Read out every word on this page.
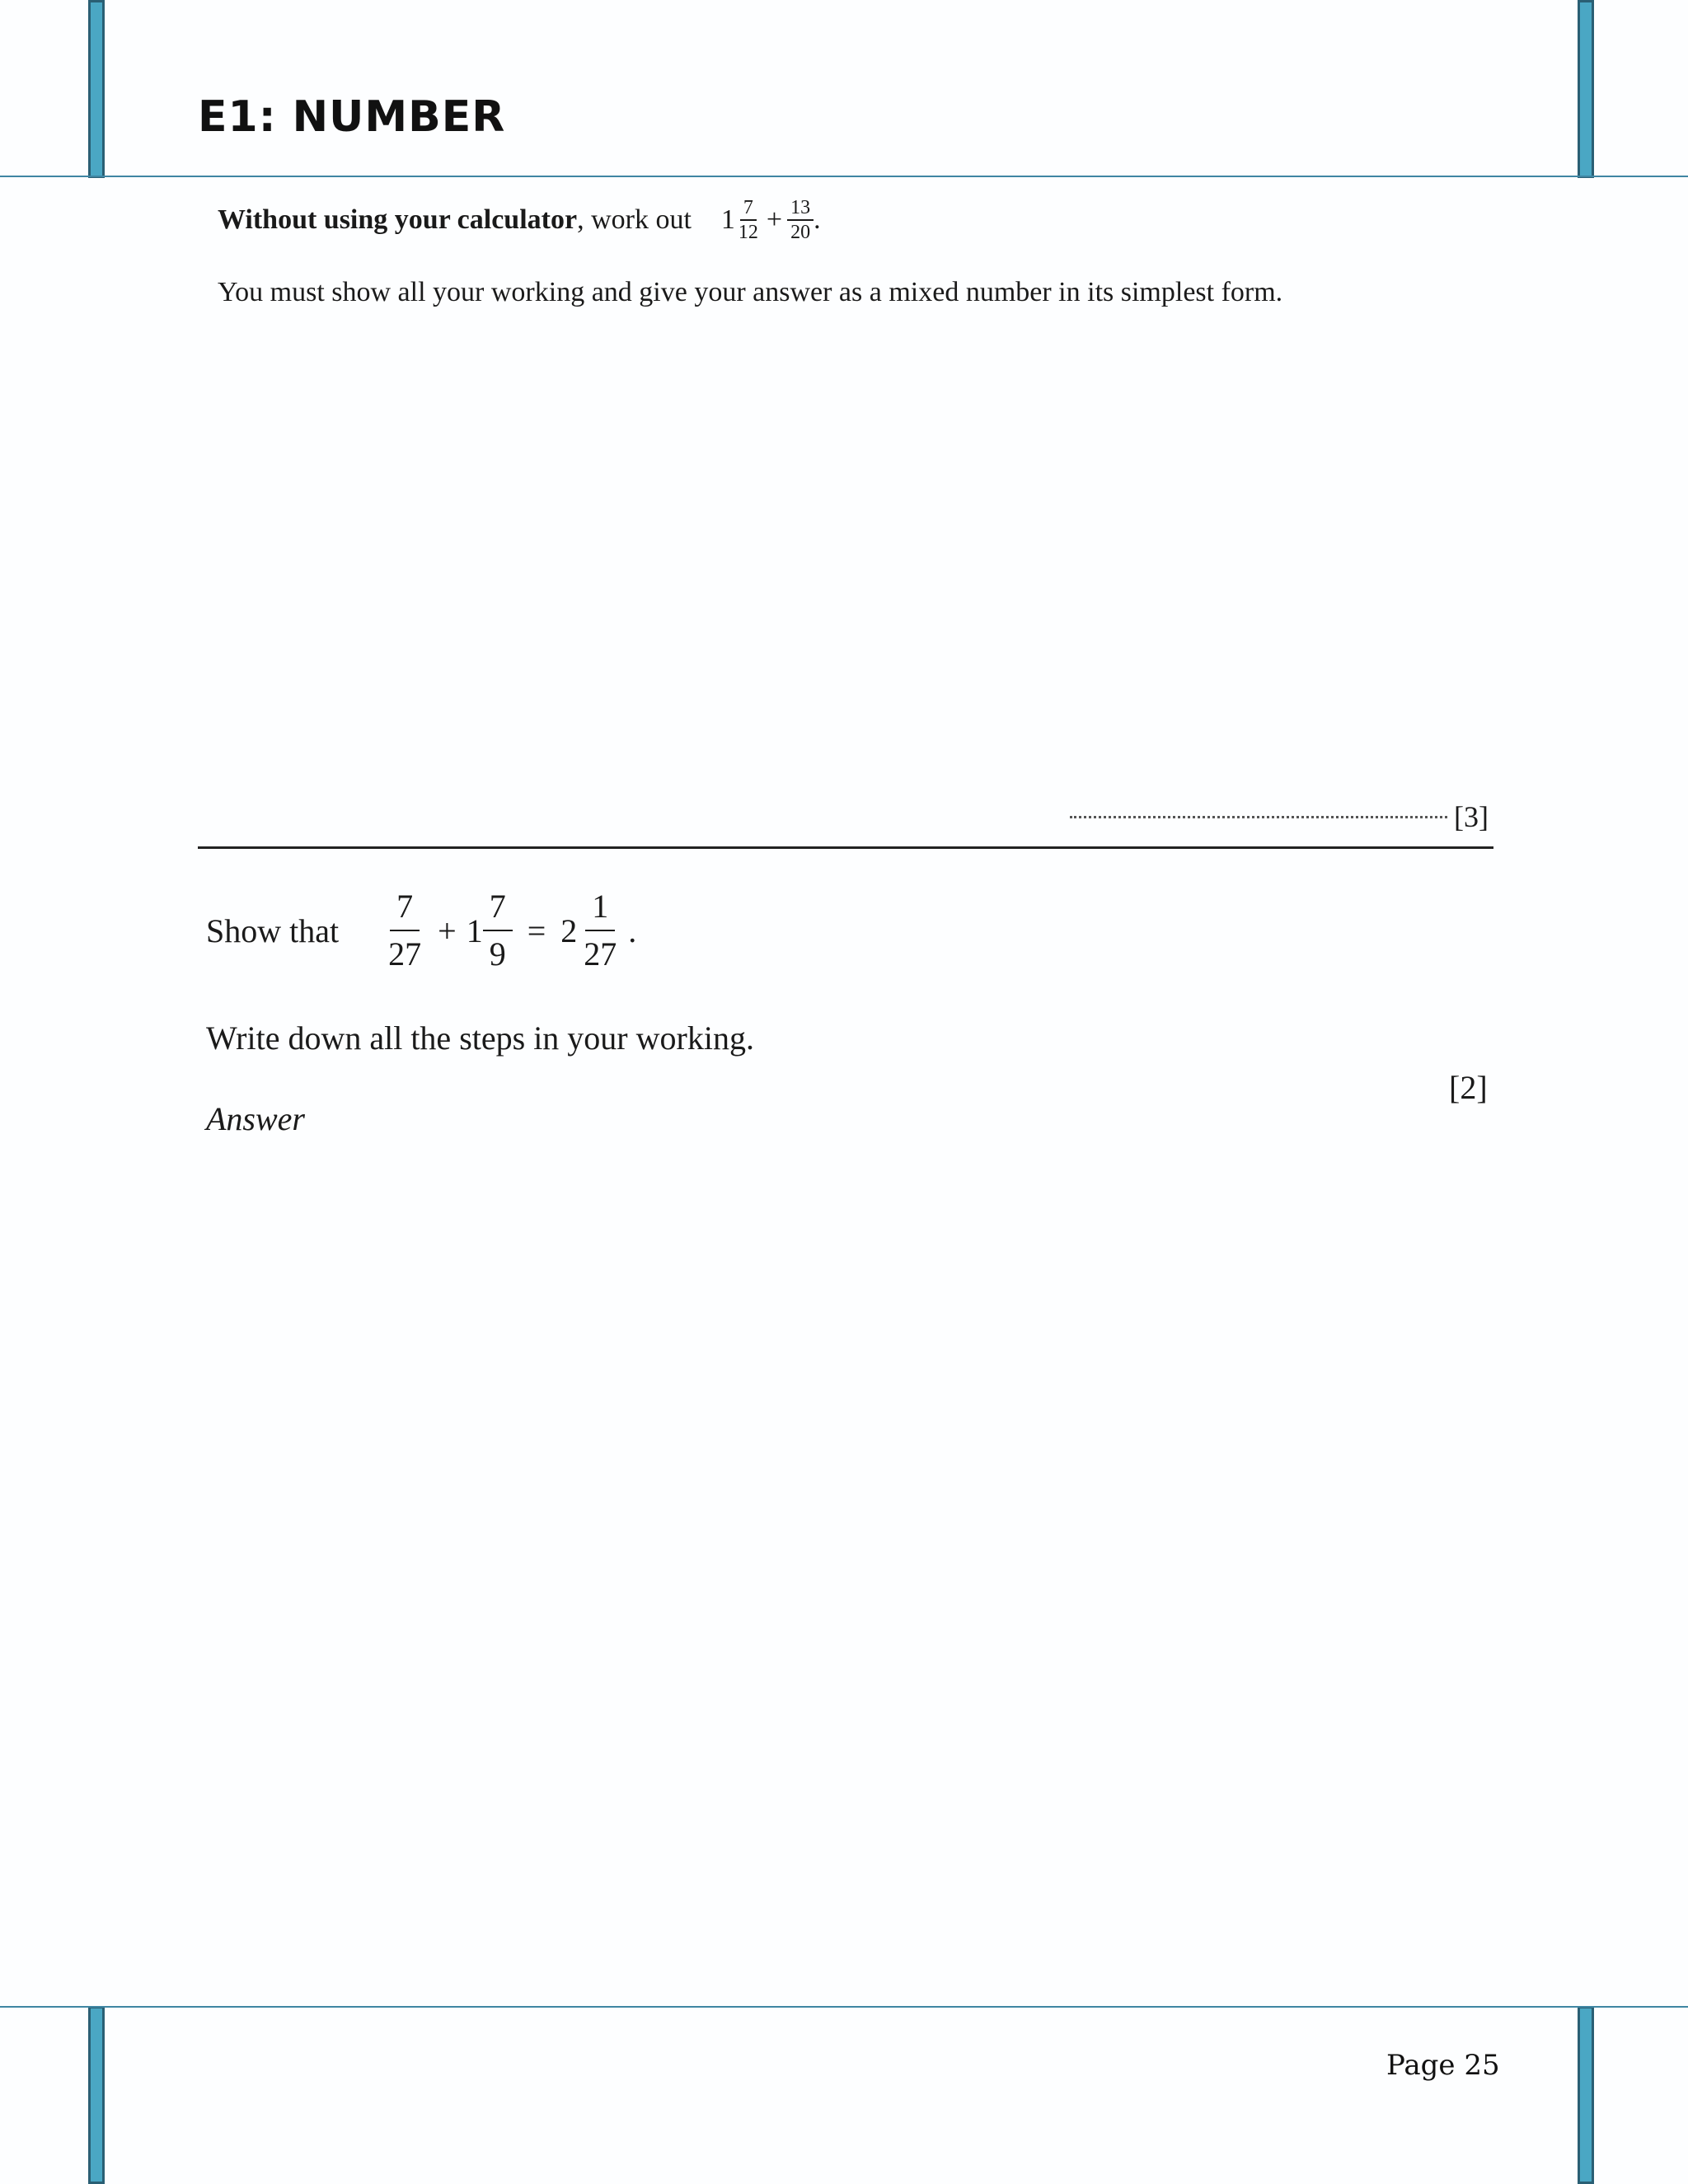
E1: NUMBER
Without using your calculator , work out $1 \frac{7}{12} + \frac{13}{20}$ .
You must show all your working and give your answer as a mixed number in its simplest form.
[3]
Show that $\frac{7}{27} + 1 \frac{7}{9} = 2 \frac{1}{27}$ .
Write down all the steps in your working.
[2]
Answer
Page 25
